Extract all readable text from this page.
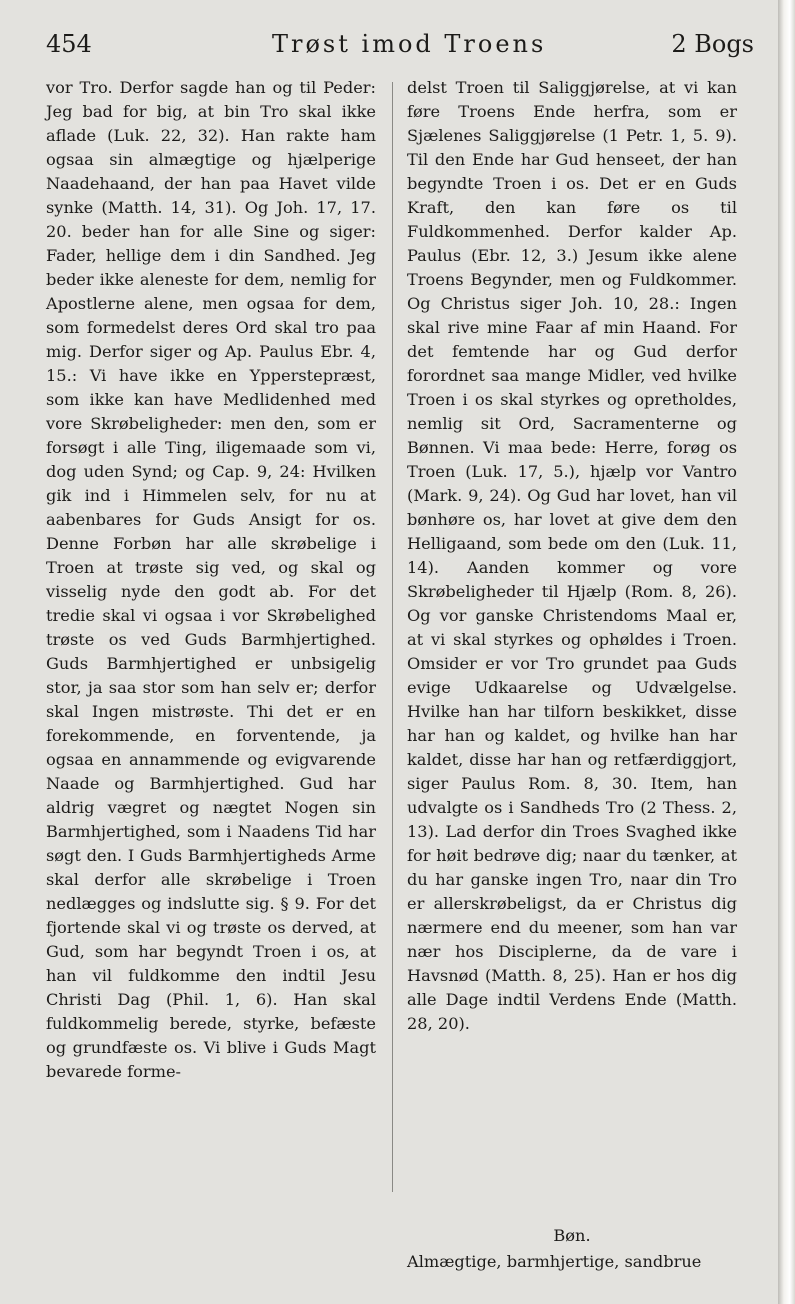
454	Trøst imod Troens	2 Bogs

vor Tro. Derfor sagde han og til Peder: Jeg bad for big, at bin Tro skal ikke aflade (Luk. 22, 32). Han rakte ham ogsaa sin almægtige og hjælperige Naadehaand, der han paa Havet vilde synke (Matth. 14, 31). Og Joh. 17, 17. 20. beder han for alle Sine og siger: Fader, hellige dem i din Sandhed. Jeg beder ikke aleneste for dem, nemlig for Apostlerne alene, men ogsaa for dem, som formedelst deres Ord skal tro paa mig. Derfor siger og Ap. Paulus Ebr. 4, 15.: Vi have ikke en Ypperstepræst, som ikke kan have Medlidenhed med vore Skrøbeligheder: men den, som er forsøgt i alle Ting, iligemaade som vi, dog uden Synd; og Cap. 9, 24: Hvilken gik ind i Himmelen selv, for nu at aabenbares for Guds Ansigt for os. Denne Forbøn har alle skrøbelige i Troen at trøste sig ved, og skal og visselig nyde den godt ab. For det tredie skal vi ogsaa i vor Skrøbelighed trøste os ved Guds Barmhjertighed. Guds Barmhjertighed er unbsigelig stor, ja saa stor som han selv er; derfor skal Ingen mistrøste. Thi det er en forekommende, en forventende, ja ogsaa en annammende og evigvarende Naade og Barmhjertighed. Gud har aldrig vægret og nægtet Nogen sin Barmhjertighed, som i Naadens Tid har søgt den. I Guds Barmhjertigheds Arme skal derfor alle skrøbelige i Troen nedlægges og indslutte sig. § 9. For det fjortende skal vi og trøste os derved, at Gud, som har begyndt Troen i os, at han vil fuldkomme den indtil Jesu Christi Dag (Phil. 1, 6). Han skal fuldkommelig berede, styrke, befæste og grundfæste os. Vi blive i Guds Magt bevarede forme-

delst Troen til Saliggjørelse, at vi kan føre Troens Ende herfra, som er Sjælenes Saliggjørelse (1 Petr. 1, 5. 9). Til den Ende har Gud henseet, der han begyndte Troen i os. Det er en Guds Kraft, den kan føre os til Fuldkommenhed. Derfor kalder Ap. Paulus (Ebr. 12, 3.) Jesum ikke alene Troens Begynder, men og Fuldkommer. Og Christus siger Joh. 10, 28.: Ingen skal rive mine Faar af min Haand. For det femtende har og Gud derfor forordnet saa mange Midler, ved hvilke Troen i os skal styrkes og opretholdes, nemlig sit Ord, Sacramenterne og Bønnen. Vi maa bede: Herre, forøg os Troen (Luk. 17, 5.), hjælp vor Vantro (Mark. 9, 24). Og Gud har lovet, han vil bønhøre os, har lovet at give dem den Helligaand, som bede om den (Luk. 11, 14). Aanden kommer og vore Skrøbeligheder til Hjælp (Rom. 8, 26). Og vor ganske Christendoms Maal er, at vi skal styrkes og ophøldes i Troen. Omsider er vor Tro grundet paa Guds evige Udkaarelse og Udvælgelse. Hvilke han har tilforn beskikket, disse har han og kaldet, og hvilke han har kaldet, disse har han og retfærdiggjort, siger Paulus Rom. 8, 30. Item, han udvalgte os i Sandheds Tro (2 Thess. 2, 13). Lad derfor din Troes Svaghed ikke for høit bedrøve dig; naar du tænker, at du har ganske ingen Tro, naar din Tro er allerskrøbeligst, da er Christus dig nærmere end du meener, som han var nær hos Disciplerne, da de vare i Havsnød (Matth. 8, 25). Han er hos dig alle Dage indtil Verdens Ende (Matth. 28, 20).

Bøn.
Almægtige, barmhjertige, sandbrue
